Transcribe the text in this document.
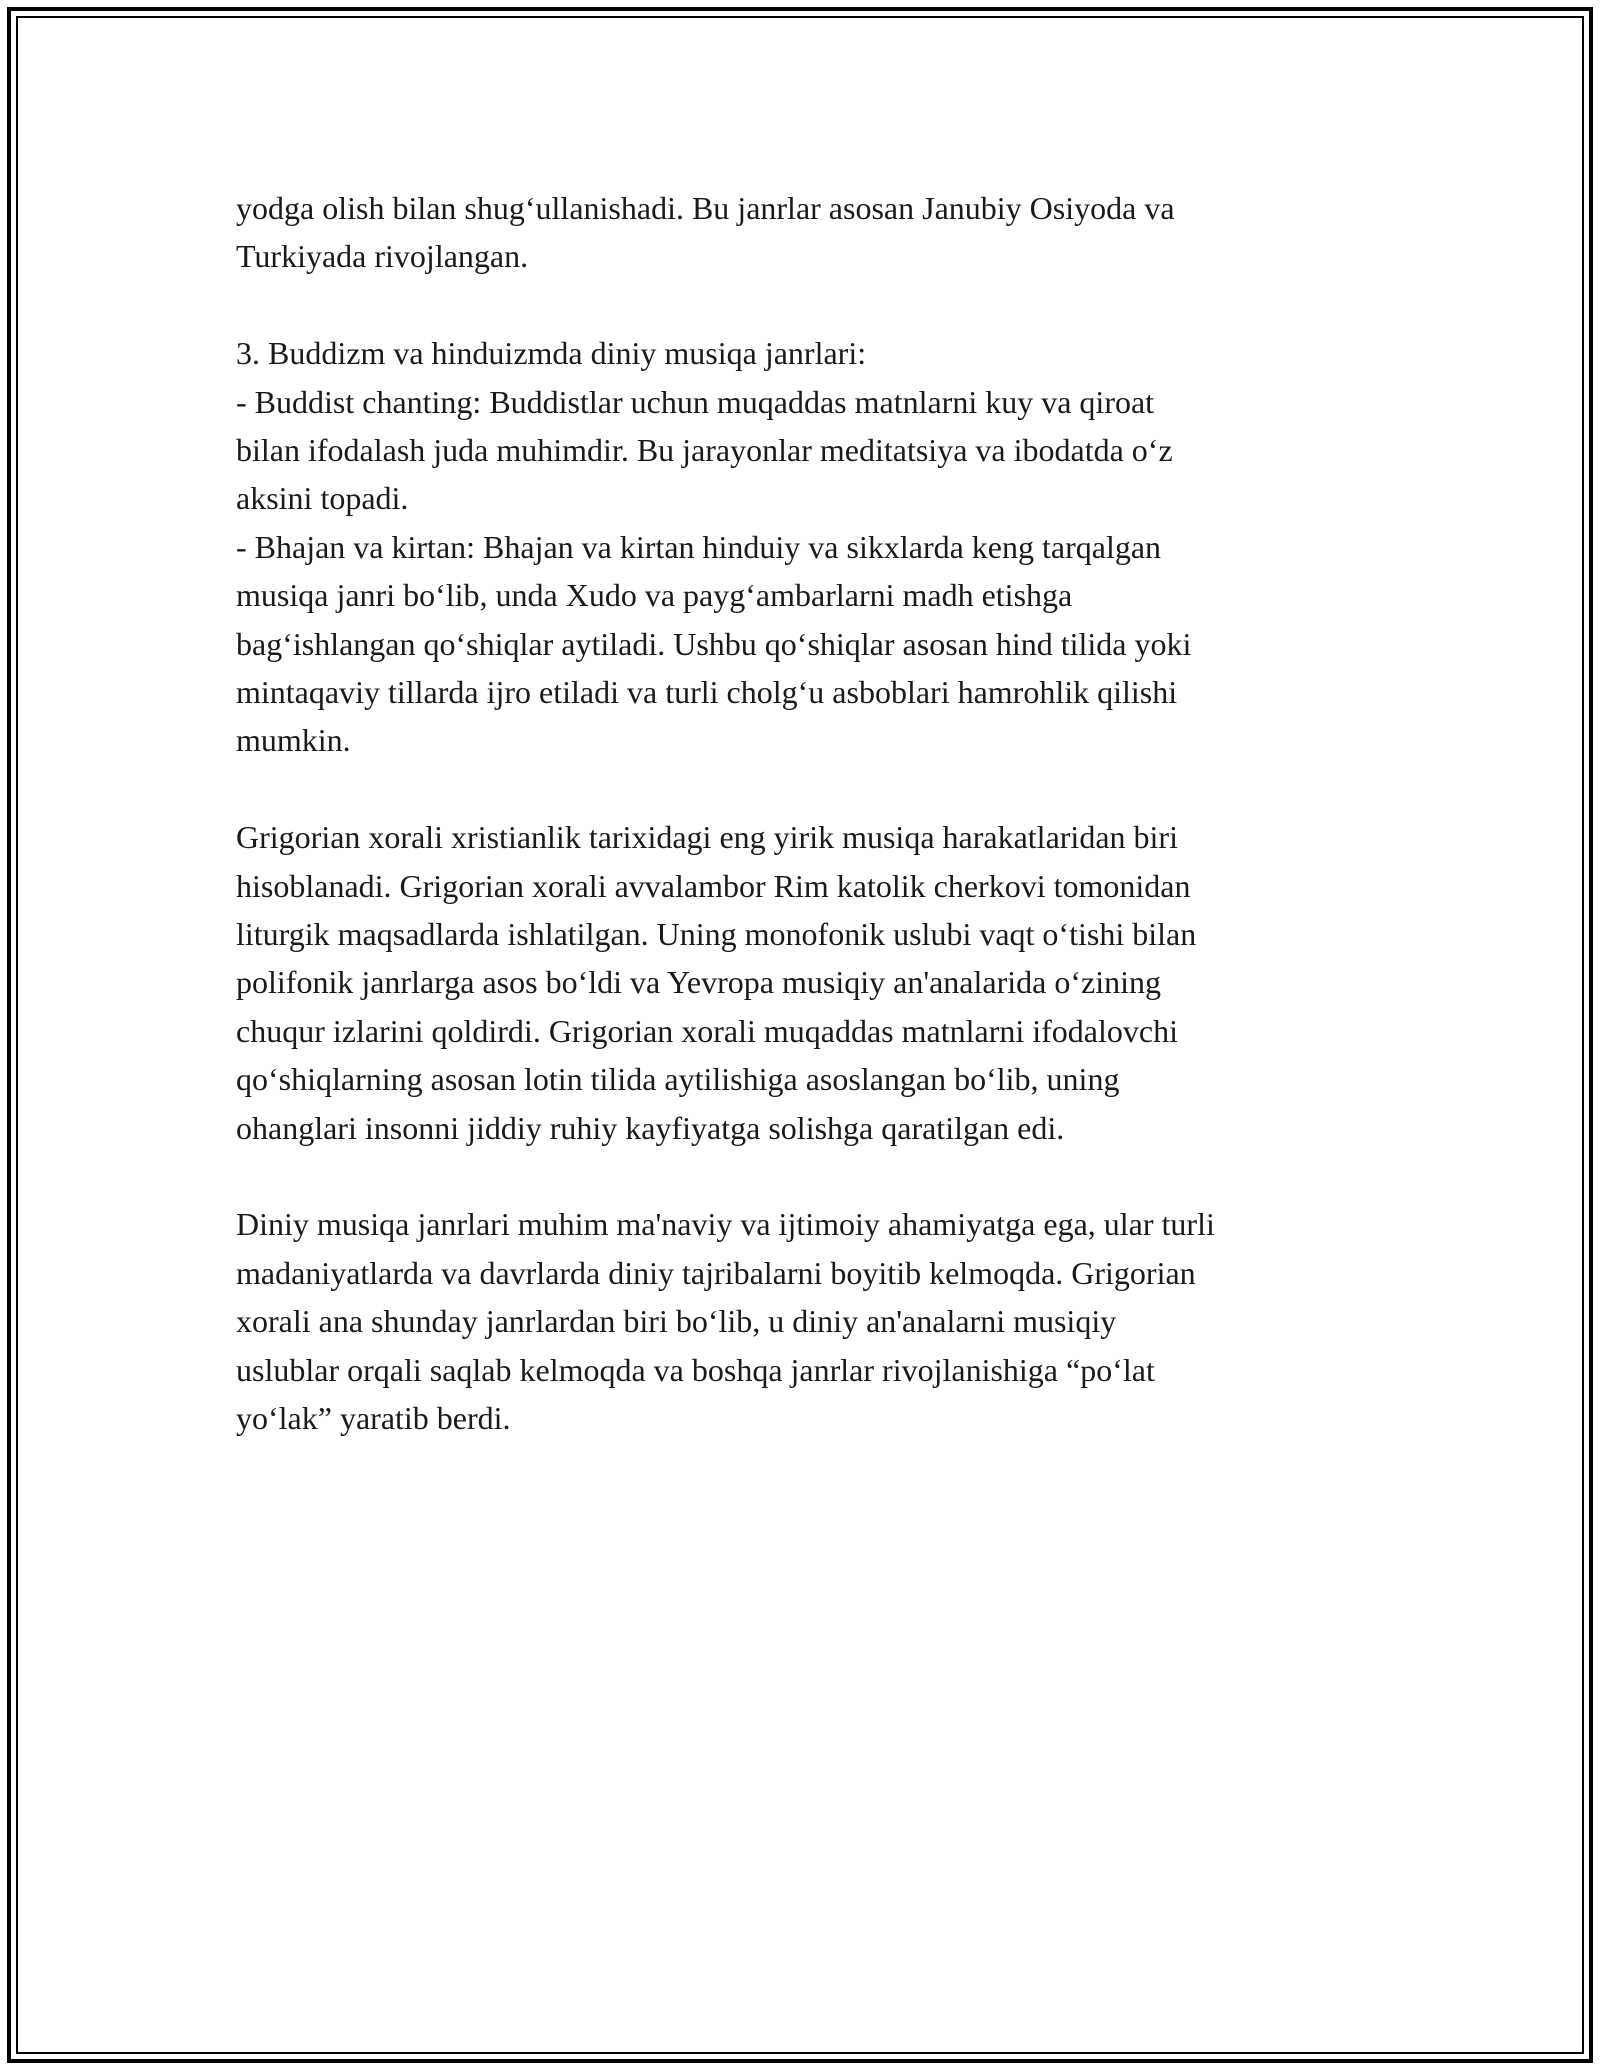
yodga olish bilan shug‘ullanishadi. Bu janrlar asosan Janubiy Osiyoda va
Turkiyada rivojlangan.

3. Buddizm va hinduizmda diniy musiqa janrlari:
- Buddist chanting: Buddistlar uchun muqaddas matnlarni kuy va qiroat
bilan ifodalash juda muhimdir. Bu jarayonlar meditatsiya va ibodatda o‘z
aksini topadi.
- Bhajan va kirtan: Bhajan va kirtan hinduiy va sikxlarda keng tarqalgan
musiqa janri bo‘lib, unda Xudo va payg‘ambarlarni madh etishga
bag‘ishlangan qo‘shiqlar aytiladi. Ushbu qo‘shiqlar asosan hind tilida yoki
mintaqaviy tillarda ijro etiladi va turli cholg‘u asboblari hamrohlik qilishi
mumkin.

Grigorian xorali xristianlik tarixidagi eng yirik musiqa harakatlaridan biri
hisoblanadi. Grigorian xorali avvalambor Rim katolik cherkovi tomonidan
liturgik maqsadlarda ishlatilgan. Uning monofonik uslubi vaqt o‘tishi bilan
polifonik janrlarga asos bo‘ldi va Yevropa musiqiy an'analarida o‘zining
chuqur izlarini qoldirdi. Grigorian xorali muqaddas matnlarni ifodalovchi
qo‘shiqlarning asosan lotin tilida aytilishiga asoslangan bo‘lib, uning
ohanglari insonni jiddiy ruhiy kayfiyatga solishga qaratilgan edi.

Diniy musiqa janrlari muhim ma'naviy va ijtimoiy ahamiyatga ega, ular turli
madaniyatlarda va davrlarda diniy tajribalarni boyitib kelmoqda. Grigorian
xorali ana shunday janrlardan biri bo‘lib, u diniy an'analarni musiqiy
uslublar orqali saqlab kelmoqda va boshqa janrlar rivojlanishiga “po‘lat
yo‘lak” yaratib berdi.
